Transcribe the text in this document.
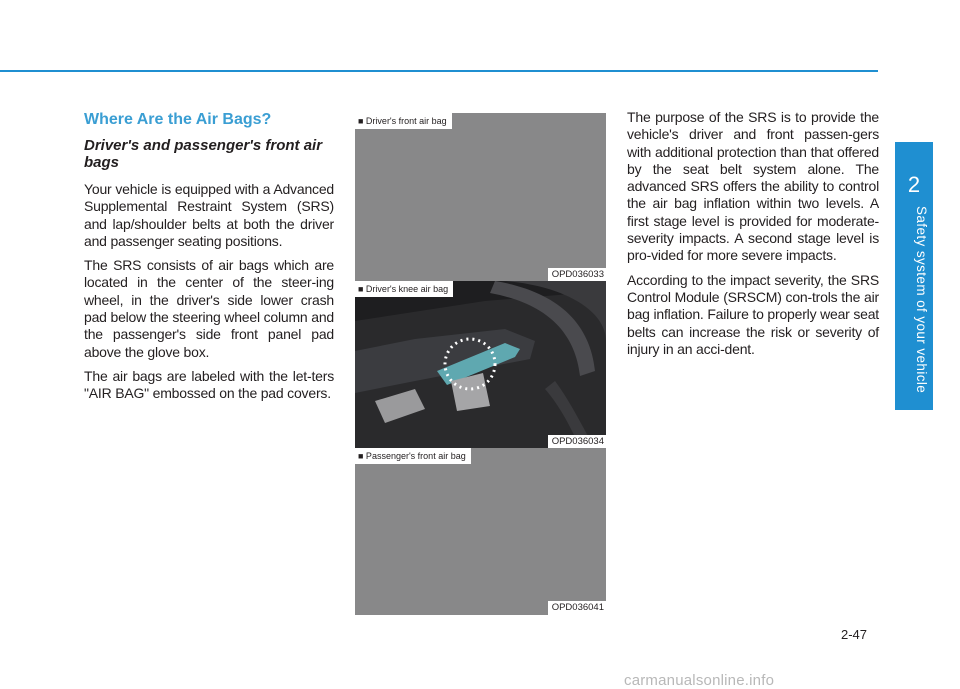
2
Safety system of your vehicle
Where Are the Air Bags?
Driver's and passenger's front air bags

Your vehicle is equipped with a Advanced Supplemental Restraint System (SRS) and lap/shoulder belts at both the driver and passenger seating positions.

The SRS consists of air bags which are located in the center of the steer-ing wheel, in the driver's side lower crash pad below the steering wheel column and the passenger's side front panel pad above the glove box.

The air bags are labeled with the let-ters "AIR BAG" embossed on the pad covers.

■ Driver's front air bag
OPD036033
■ Driver's knee air bag
OPD036034
■ Passenger's front air bag
OPD036041

The purpose of the SRS is to provide the vehicle's driver and front passen-gers with additional protection than that offered by the seat belt system alone. The advanced SRS offers the ability to control the air bag inflation within two levels. A first stage level is provided for moderate-severity impacts. A second stage level is pro-vided for more severe impacts.

According to the impact severity, the SRS Control Module (SRSCM) con-trols the air bag inflation. Failure to properly wear seat belts can increase the risk or severity of injury in an acci-dent.

2-47
carmanualsonline.info
